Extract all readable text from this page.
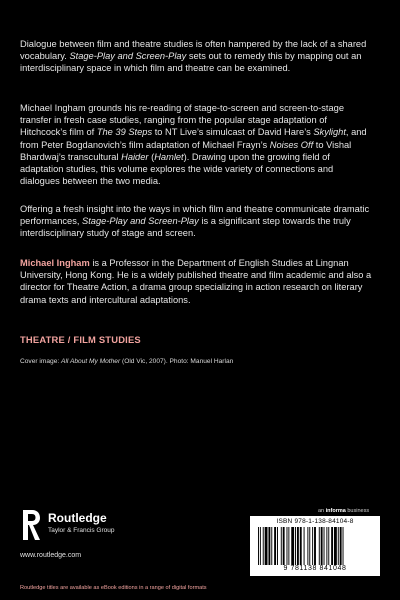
Dialogue between film and theatre studies is often hampered by the lack of a shared vocabulary. Stage-Play and Screen-Play sets out to remedy this by mapping out an interdisciplinary space in which film and theatre can be examined.

Michael Ingham grounds his re-reading of stage-to-screen and screen-to-stage transfer in fresh case studies, ranging from the popular stage adaptation of Hitchcock’s film of The 39 Steps to NT Live’s simulcast of David Hare’s Skylight, and from Peter Bogdanovich’s film adaptation of Michael Frayn’s Noises Off to Vishal Bhardwaj’s transcultural Haider (Hamlet). Drawing upon the growing field of adaptation studies, this volume explores the wide variety of connections and dialogues between the two media.

Offering a fresh insight into the ways in which film and theatre communicate dramatic performances, Stage-Play and Screen-Play is a significant step towards the truly interdisciplinary study of stage and screen.

Michael Ingham is a Professor in the Department of English Studies at Lingnan University, Hong Kong. He is a widely published theatre and film academic and also a director for Theatre Action, a drama group specializing in action research on literary drama texts and intercultural adaptations.

THEATRE / FILM STUDIES
Cover image: All About My Mother (Old Vic, 2007). Photo: Manuel Harlan
Routledge
Taylor & Francis Group
www.routledge.com
an informa business
ISBN 978-1-138-84104-8
9 781138 841048
Routledge titles are available as eBook editions in a range of digital formats
